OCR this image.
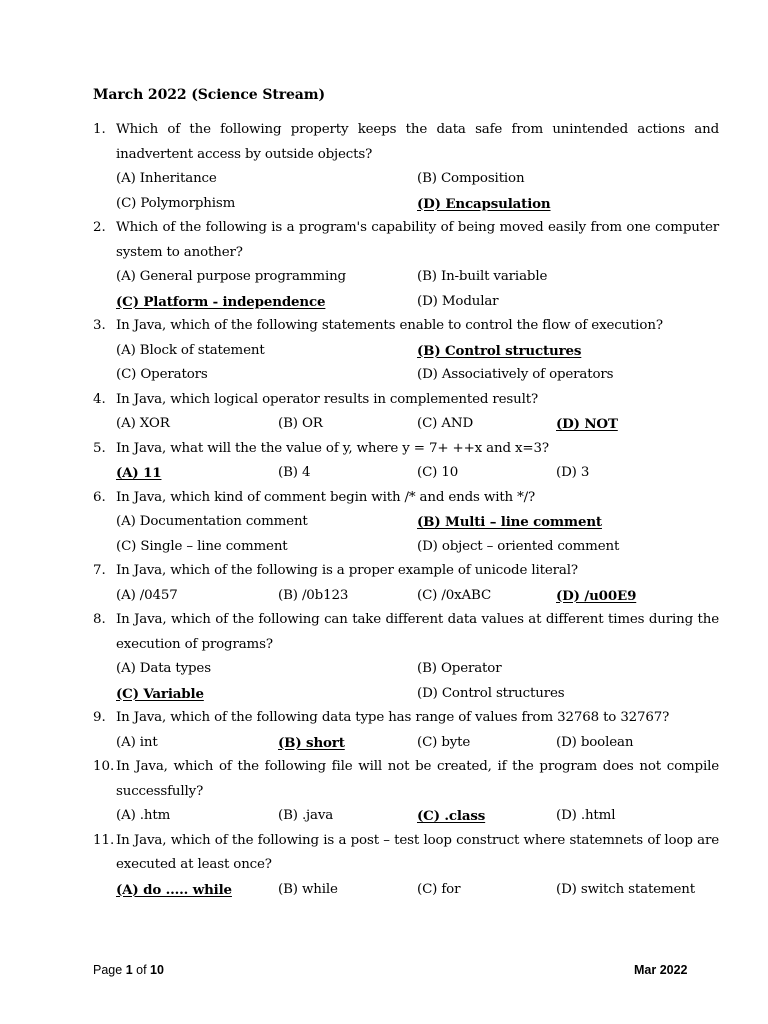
March 2022 (Science Stream)
1. Which of the following property keeps the data safe from unintended actions and inadvertent access by outside objects?
(A) Inheritance	(B) Composition
(C) Polymorphism	(D) Encapsulation
2. Which of the following is a program's capability of being moved easily from one computer system to another?
(A) General purpose programming	(B) In-built variable
(C) Platform - independence	(D) Modular
3. In Java, which of the following statements enable to control the flow of execution?
(A) Block of statement	(B) Control structures
(C) Operators	(D) Associatively of operators
4. In Java, which logical operator results in complemented result?
(A) XOR	(B) OR	(C) AND	(D) NOT
5. In Java, what will the the value of y, where y = 7+ ++x and x=3?
(A) 11	(B) 4	(C) 10	(D) 3
6. In Java, which kind of comment begin with /* and ends with */?
(A) Documentation comment	(B) Multi – line comment
(C) Single – line comment	(D) object – oriented comment
7. In Java, which of the following is a proper example of unicode literal?
(A) /0457	(B) /0b123	(C) /0xABC	(D) /u00E9
8. In Java, which of the following can take different data values at different times during the execution of programs?
(A) Data types	(B) Operator
(C) Variable	(D) Control structures
9. In Java, which of the following data type has range of values from 32768 to 32767?
(A) int	(B) short	(C) byte	(D) boolean
10. In Java, which of the following file will not be created, if the program does not compile successfully?
(A) .htm	(B) .java	(C) .class	(D) .html
11. In Java, which of the following is a post – test loop construct where statemnets of loop are executed at least once?
(A) do ..... while	(B) while	(C) for	(D) switch statement
Page 1 of 10	Mar 2022
